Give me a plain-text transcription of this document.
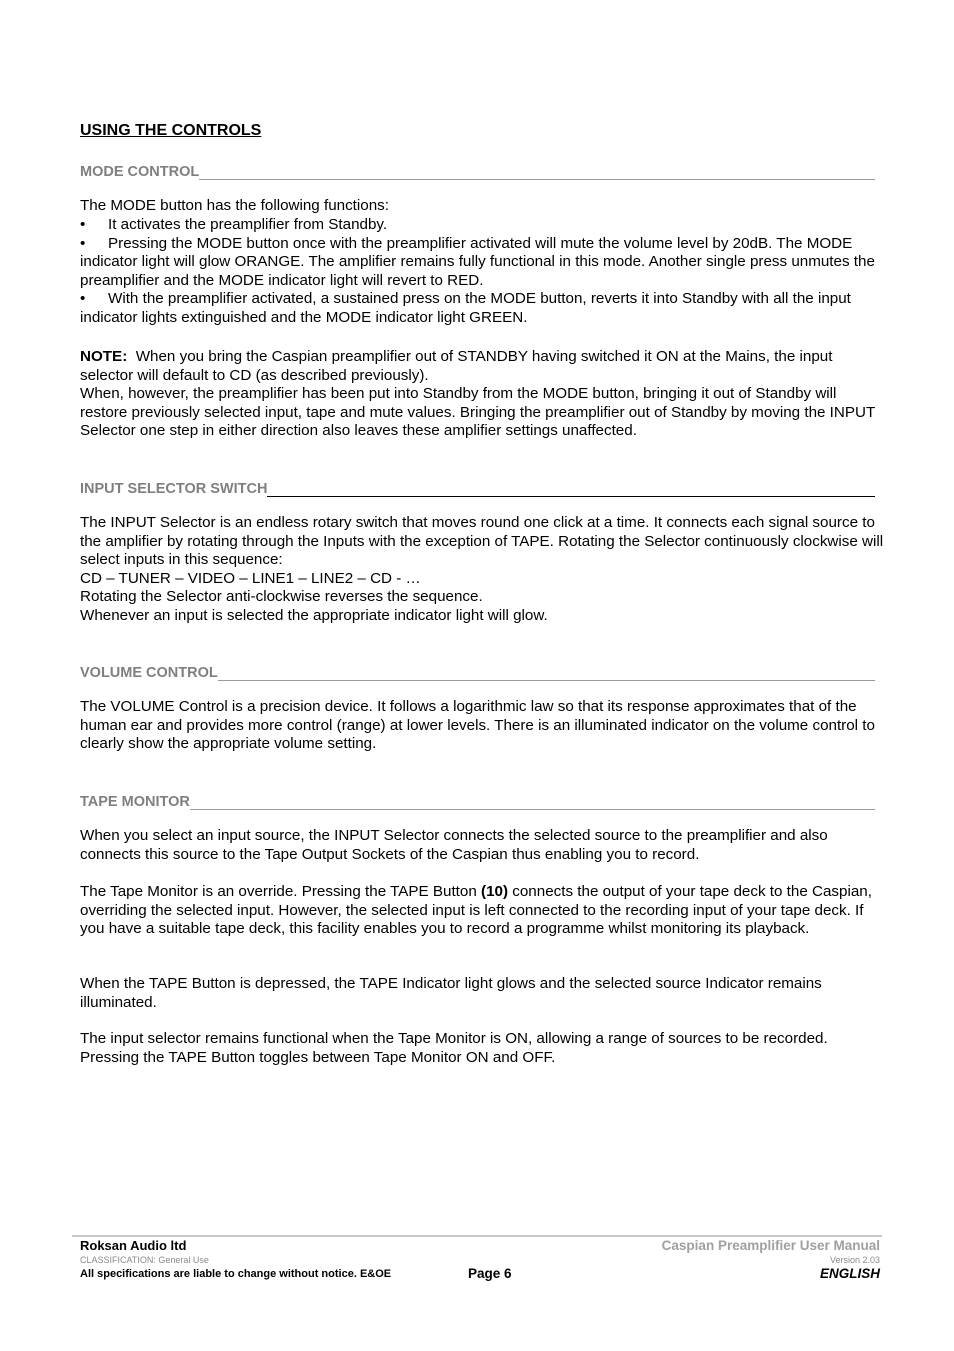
USING THE CONTROLS
MODE CONTROL

The MODE button has the following functions:

• It activates the preamplifier from Standby.
• Pressing the MODE button once with the preamplifier activated will mute the volume level by 20dB. The MODE indicator light will glow ORANGE. The amplifier remains fully functional in this mode. Another single press unmutes the preamplifier and the MODE indicator light will revert to RED.
• With the preamplifier activated, a sustained press on the MODE button, reverts it into Standby with all the input indicator lights extinguished and the MODE indicator light GREEN.

NOTE: When you bring the Caspian preamplifier out of STANDBY having switched it ON at the Mains, the input selector will default to CD (as described previously).
When, however, the preamplifier has been put into Standby from the MODE button, bringing it out of Standby will restore previously selected input, tape and mute values. Bringing the preamplifier out of Standby by moving the INPUT Selector one step in either direction also leaves these amplifier settings unaffected.

INPUT SELECTOR SWITCH

The INPUT Selector is an endless rotary switch that moves round one click at a time. It connects each signal source to the amplifier by rotating through the Inputs with the exception of TAPE. Rotating the Selector continuously clockwise will select inputs in this sequence:
CD – TUNER – VIDEO – LINE1 – LINE2 – CD - …
Rotating the Selector anti-clockwise reverses the sequence.
Whenever an input is selected the appropriate indicator light will glow.

VOLUME CONTROL

The VOLUME Control is a precision device. It follows a logarithmic law so that its response approximates that of the human ear and provides more control (range) at lower levels. There is an illuminated indicator on the volume control to clearly show the appropriate volume setting.

TAPE MONITOR

When you select an input source, the INPUT Selector connects the selected source to the preamplifier and also connects this source to the Tape Output Sockets of the Caspian thus enabling you to record.

The Tape Monitor is an override. Pressing the TAPE Button (10) connects the output of your tape deck to the Caspian, overriding the selected input. However, the selected input is left connected to the recording input of your tape deck. If you have a suitable tape deck, this facility enables you to record a programme whilst monitoring its playback.

When the TAPE Button is depressed, the TAPE Indicator light glows and the selected source Indicator remains illuminated.

The input selector remains functional when the Tape Monitor is ON, allowing a range of sources to be recorded. Pressing the TAPE Button toggles between Tape Monitor ON and OFF.

Roksan Audio ltd
CLASSIFICATION: General Use
All specifications are liable to change without notice. E&OE	Page 6
Caspian Preamplifier User Manual
Version 2.03
ENGLISH
